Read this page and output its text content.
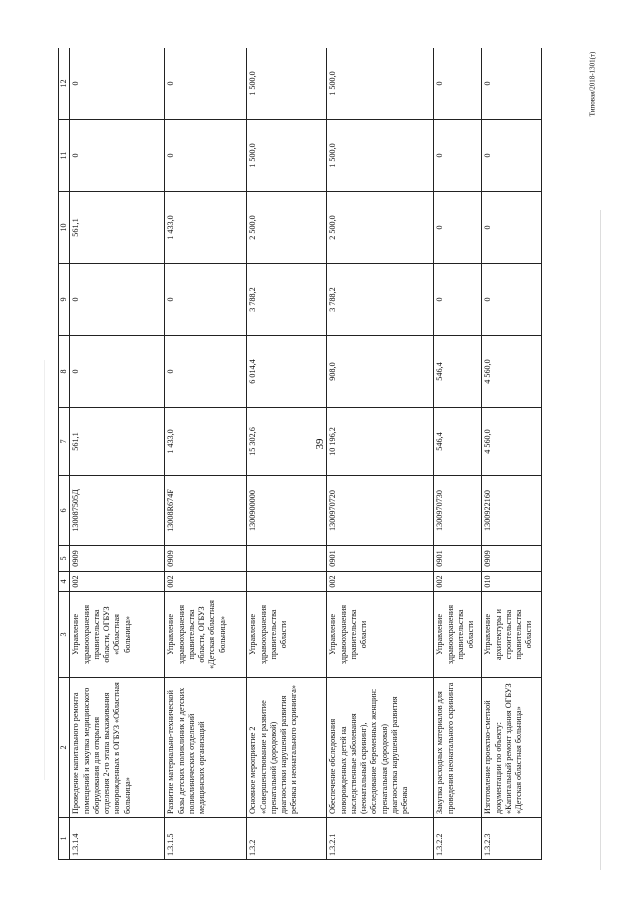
39
Типовая/2018-1301(т)
1	2	3	4	5	6	7	8	9	10	11	12
1.3.1.4	Проведение капитального ремонта помещений и закупка медицинского оборудования для открытия отделения 2-го этапа выхаживания новорожденных в ОГБУЗ «Областная больница»	Управление здравоохранения правительства области, ОГБУЗ «Областная больница»	002	0909	130087505Д	561,1	0	0	561,1	0	0
1.3.1.5	Развитие материально-технической базы детских поликлиник и детских поликлинических отделений медицинских организаций	Управление здравоохранения правительства области, ОГБУЗ «Детская областная больница»	002	0909	13008R674F	1 433,0	0	0	1 433,0	0	0
1.3.2	Основное мероприятие 2 «Совершенствование и развитие пренатальной (дородовой) диагностики нарушений развития ребенка и неонатального скрининга»	Управление здравоохранения правительства области			1300900000	15 302,6	6 014,4	3 788,2	2 500,0	1 500,0	1 500,0
1.3.2.1	Обеспечение обследования новорожденных детей на наследственные заболевания (неонатальный скрининг), обследование беременных женщин: пренатальная (дородовая) диагностика нарушений развития ребенка	Управление здравоохранения правительства области	002	0901	1300970720	10 196,2	908,0	3 788,2	2 500,0	1 500,0	1 500,0
1.3.2.2	Закупка расходных материалов для проведения неонатального скрининга	Управление здравоохранения правительства области	002	0901	1300970730	546,4	546,4	0	0	0	0
1.3.2.3	Изготовление проектно-сметной документации по объекту: «Капитальный ремонт здания ОГБУЗ «Детская областная больница»	Управление архитектуры и строительства правительства области	010	0909	1300922160	4 560,0	4 560,0	0	0	0	0
